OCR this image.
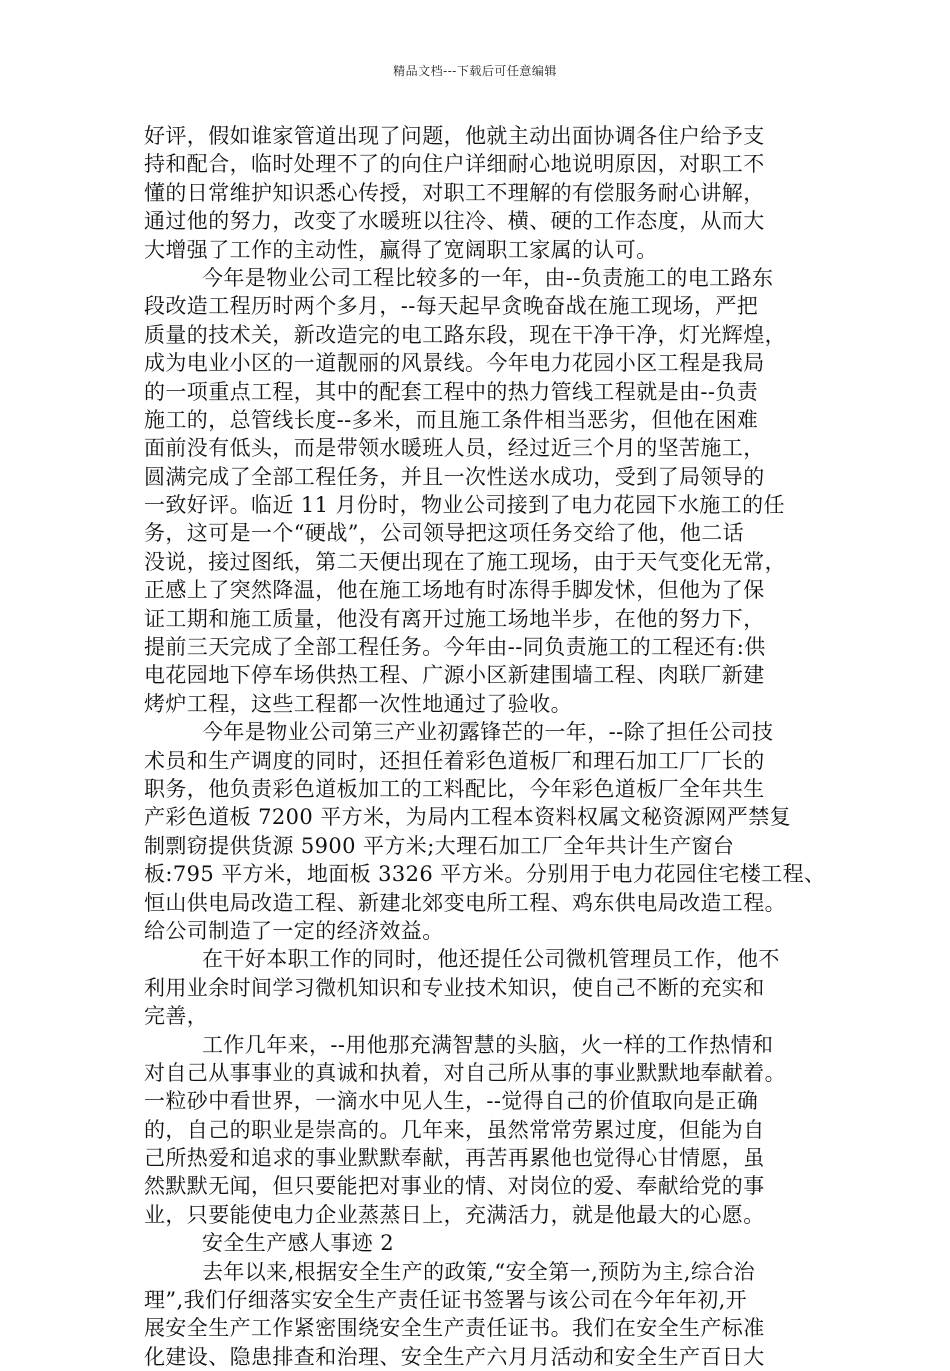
精品文档---下载后可任意编辑
好评，假如谁家管道出现了问题，他就主动出面协调各住户给予支
持和配合，临时处理不了的向住户详细耐心地说明原因，对职工不
懂的日常维护知识悉心传授，对职工不理解的有偿服务耐心讲解，
通过他的努力，改变了水暖班以往冷、横、硬的工作态度，从而大
大增强了工作的主动性，赢得了宽阔职工家属的认可。
今年是物业公司工程比较多的一年，由--负责施工的电工路东
段改造工程历时两个多月，--每天起早贪晚奋战在施工现场，严把
质量的技术关，新改造完的电工路东段，现在干净干净，灯光辉煌，
成为电业小区的一道靓丽的风景线。今年电力花园小区工程是我局
的一项重点工程，其中的配套工程中的热力管线工程就是由--负责
施工的，总管线长度--多米，而且施工条件相当恶劣，但他在困难
面前没有低头，而是带领水暖班人员，经过近三个月的坚苦施工，
圆满完成了全部工程任务，并且一次性送水成功，受到了局领导的
一致好评。临近 11 月份时，物业公司接到了电力花园下水施工的任
务，这可是一个“硬战”，公司领导把这项任务交给了他，他二话
没说，接过图纸，第二天便出现在了施工现场，由于天气变化无常，
正感上了突然降温，他在施工场地有时冻得手脚发怵，但他为了保
证工期和施工质量，他没有离开过施工场地半步，在他的努力下，
提前三天完成了全部工程任务。今年由--同负责施工的工程还有:供
电花园地下停车场供热工程、广源小区新建围墙工程、肉联厂新建
烤炉工程，这些工程都一次性地通过了验收。
今年是物业公司第三产业初露锋芒的一年，--除了担任公司技
术员和生产调度的同时，还担任着彩色道板厂和理石加工厂厂长的
职务，他负责彩色道板加工的工料配比，今年彩色道板厂全年共生
产彩色道板 7200 平方米，为局内工程本资料权属文秘资源网严禁复
制剽窃提供货源 5900 平方米;大理石加工厂全年共计生产窗台
板:795 平方米，地面板 3326 平方米。分别用于电力花园住宅楼工程、
恒山供电局改造工程、新建北郊变电所工程、鸡东供电局改造工程。
给公司制造了一定的经济效益。
在干好本职工作的同时，他还提任公司微机管理员工作，他不
利用业余时间学习微机知识和专业技术知识，使自己不断的充实和
完善，
工作几年来，--用他那充满智慧的头脑，火一样的工作热情和
对自己从事事业的真诚和执着，对自己所从事的事业默默地奉献着。
一粒砂中看世界，一滴水中见人生，--觉得自己的价值取向是正确
的，自己的职业是崇高的。几年来，虽然常常劳累过度，但能为自
己所热爱和追求的事业默默奉献，再苦再累他也觉得心甘情愿，虽
然默默无闻，但只要能把对事业的情、对岗位的爱、奉献给党的事
业，只要能使电力企业蒸蒸日上，充满活力，就是他最大的心愿。
安全生产感人事迹 2
去年以来,根据安全生产的政策,“安全第一,预防为主,综合治
理”,我们仔细落实安全生产责任证书签署与该公司在今年年初,开
展安全生产工作紧密围绕安全生产责任证书。我们在安全生产标准
化建设、隐患排查和治理、安全生产六月月活动和安全生产百日大
